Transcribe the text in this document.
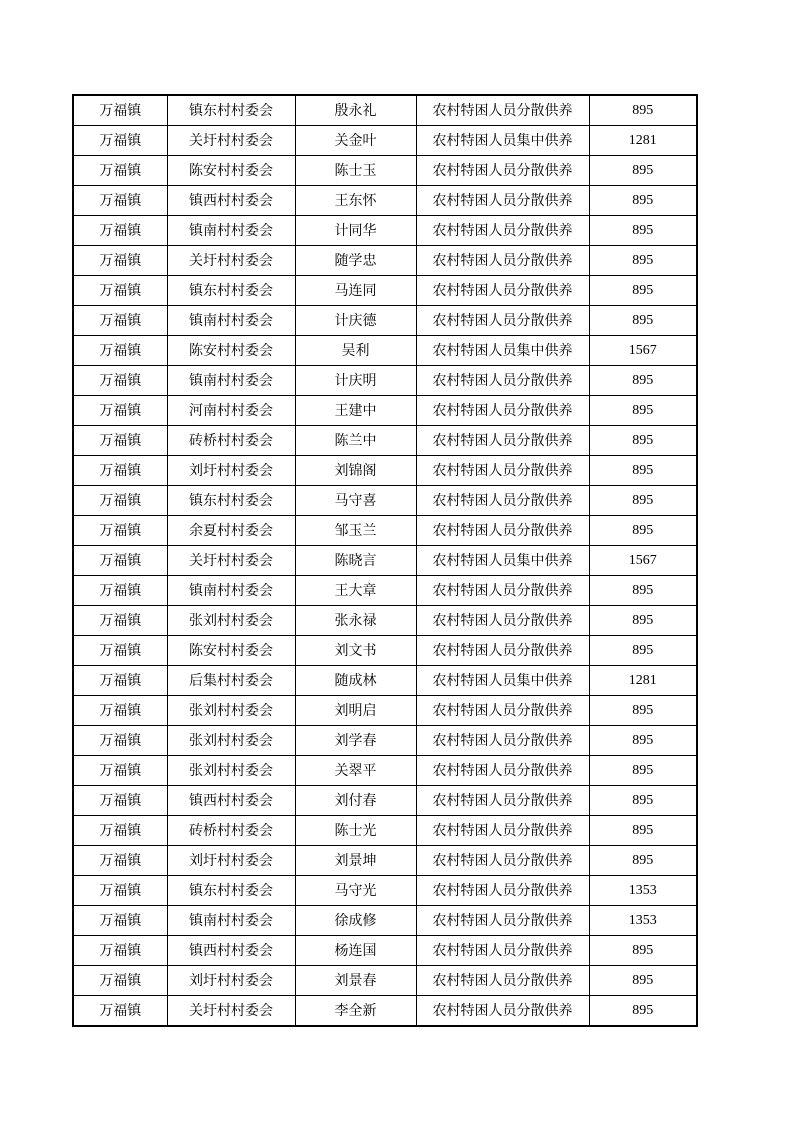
万福镇	镇东村村委会	殷永礼	农村特困人员分散供养	895
万福镇	关圩村村委会	关金叶	农村特困人员集中供养	1281
万福镇	陈安村村委会	陈士玉	农村特困人员分散供养	895
万福镇	镇西村村委会	王东怀	农村特困人员分散供养	895
万福镇	镇南村村委会	计同华	农村特困人员分散供养	895
万福镇	关圩村村委会	随学忠	农村特困人员分散供养	895
万福镇	镇东村村委会	马连同	农村特困人员分散供养	895
万福镇	镇南村村委会	计庆德	农村特困人员分散供养	895
万福镇	陈安村村委会	吴利	农村特困人员集中供养	1567
万福镇	镇南村村委会	计庆明	农村特困人员分散供养	895
万福镇	河南村村委会	王建中	农村特困人员分散供养	895
万福镇	砖桥村村委会	陈兰中	农村特困人员分散供养	895
万福镇	刘圩村村委会	刘锦阁	农村特困人员分散供养	895
万福镇	镇东村村委会	马守喜	农村特困人员分散供养	895
万福镇	余夏村村委会	邹玉兰	农村特困人员分散供养	895
万福镇	关圩村村委会	陈晓言	农村特困人员集中供养	1567
万福镇	镇南村村委会	王大章	农村特困人员分散供养	895
万福镇	张刘村村委会	张永禄	农村特困人员分散供养	895
万福镇	陈安村村委会	刘文书	农村特困人员分散供养	895
万福镇	后集村村委会	随成林	农村特困人员集中供养	1281
万福镇	张刘村村委会	刘明启	农村特困人员分散供养	895
万福镇	张刘村村委会	刘学春	农村特困人员分散供养	895
万福镇	张刘村村委会	关翠平	农村特困人员分散供养	895
万福镇	镇西村村委会	刘付春	农村特困人员分散供养	895
万福镇	砖桥村村委会	陈士光	农村特困人员分散供养	895
万福镇	刘圩村村委会	刘景坤	农村特困人员分散供养	895
万福镇	镇东村村委会	马守光	农村特困人员分散供养	1353
万福镇	镇南村村委会	徐成修	农村特困人员分散供养	1353
万福镇	镇西村村委会	杨连国	农村特困人员分散供养	895
万福镇	刘圩村村委会	刘景春	农村特困人员分散供养	895
万福镇	关圩村村委会	李全新	农村特困人员分散供养	895
